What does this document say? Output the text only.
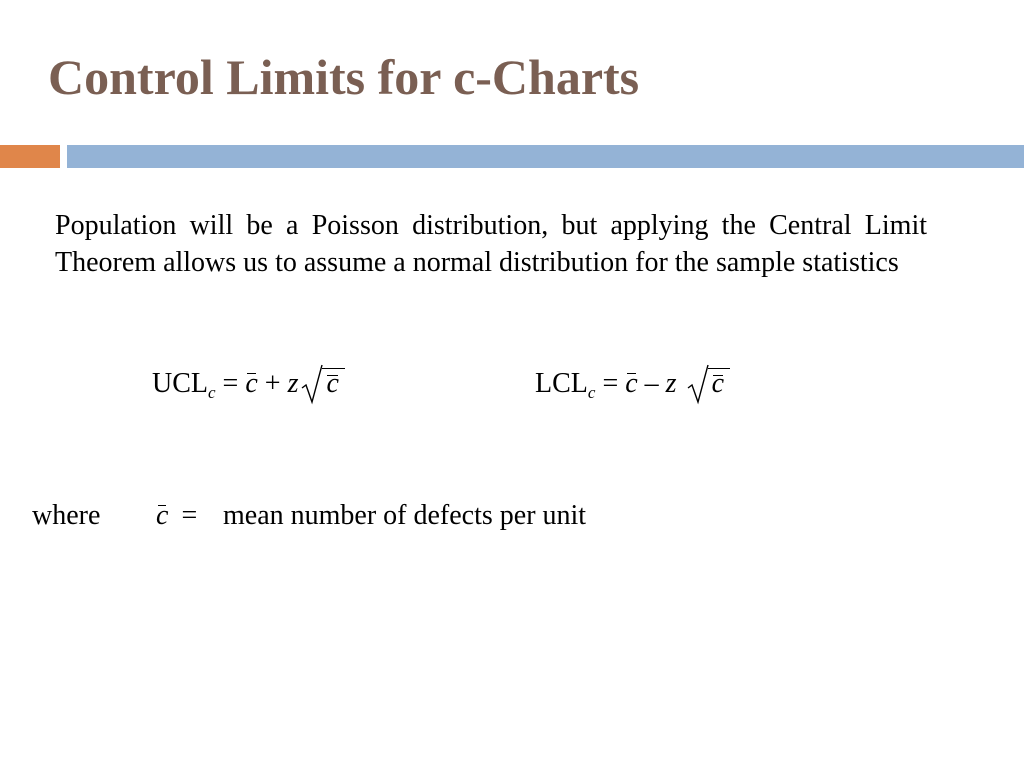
Control Limits for c-Charts
Population will be a Poisson distribution, but applying the Central Limit Theorem allows us to assume a normal distribution for the sample statistics
$UCL_c = c + z$ c	$LCL_c = c - z$ c
where c = mean number of defects per unit
